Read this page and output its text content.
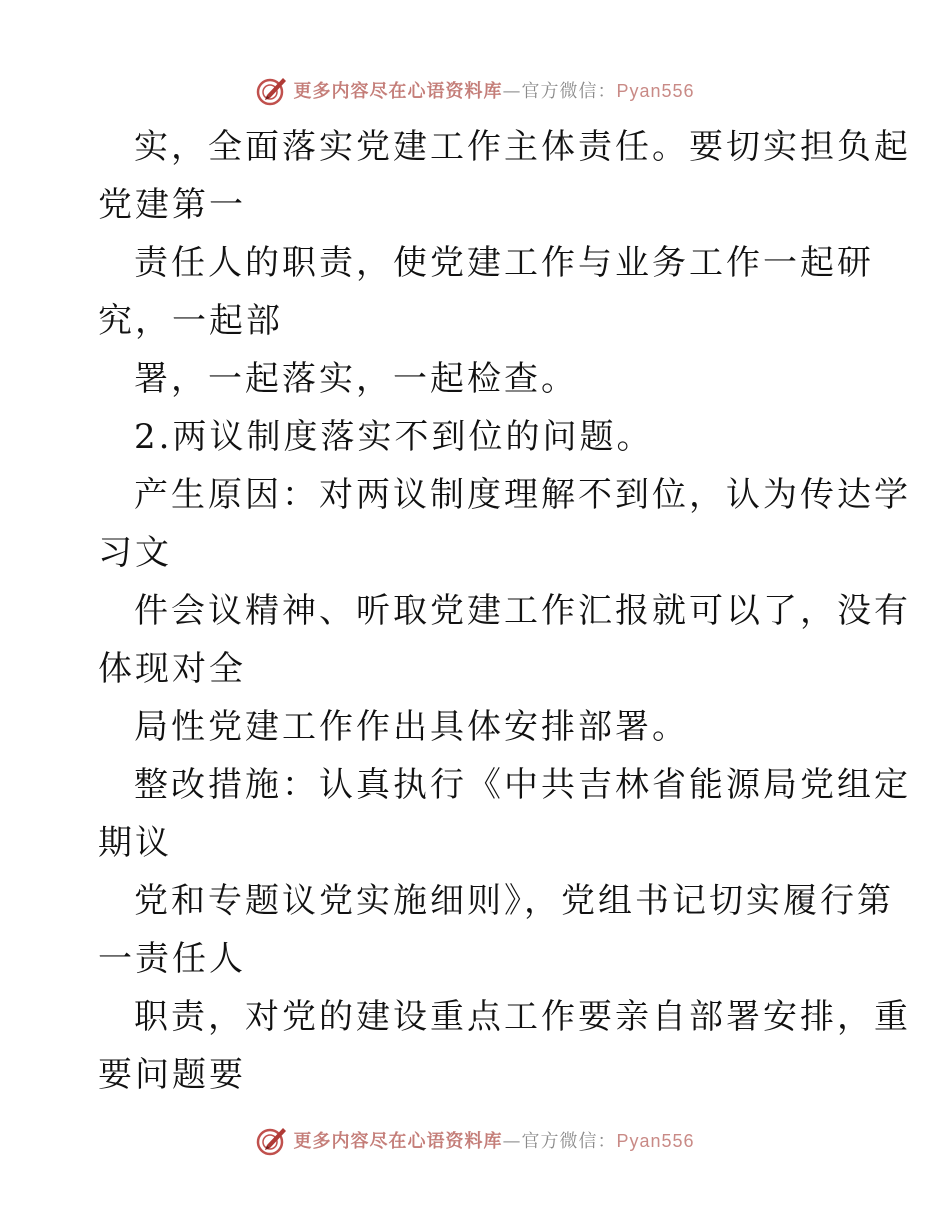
更多内容尽在心语资料库—官方微信：Pyan556
实，全面落实党建工作主体责任。要切实担负起
党建第一
责任人的职责，使党建工作与业务工作一起研
究，一起部
署，一起落实，一起检查。
2.两议制度落实不到位的问题。
产生原因：对两议制度理解不到位，认为传达学
习文
件会议精神、听取党建工作汇报就可以了，没有
体现对全
局性党建工作作出具体安排部署。
整改措施：认真执行《中共吉林省能源局党组定
期议
党和专题议党实施细则》，党组书记切实履行第
一责任人
职责，对党的建设重点工作要亲自部署安排，重
要问题要
更多内容尽在心语资料库—官方微信：Pyan556
